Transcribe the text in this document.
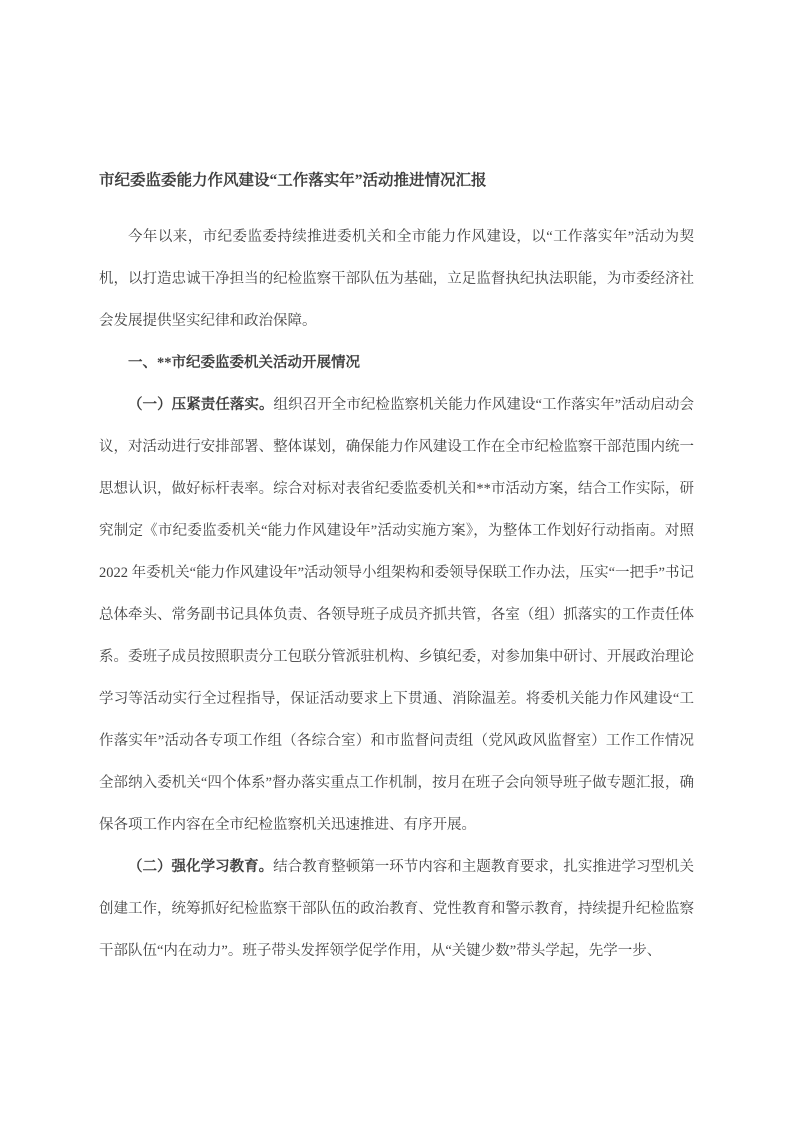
市纪委监委能力作风建设“工作落实年”活动推进情况汇报

今年以来，市纪委监委持续推进委机关和全市能力作风建设，以“工作落实年”活动为契机，以打造忠诚干净担当的纪检监察干部队伍为基础，立足监督执纪执法职能，为市委经济社会发展提供坚实纪律和政治保障。

一、**市纪委监委机关活动开展情况

（一）压紧责任落实。组织召开全市纪检监察机关能力作风建设“工作落实年”活动启动会议，对活动进行安排部署、整体谋划，确保能力作风建设工作在全市纪检监察干部范围内统一思想认识，做好标杆表率。综合对标对表省纪委监委机关和**市活动方案，结合工作实际，研究制定《市纪委监委机关“能力作风建设年”活动实施方案》，为整体工作划好行动指南。对照 2022 年委机关“能力作风建设年”活动领导小组架构和委领导保联工作办法，压实“一把手”书记总体牵头、常务副书记具体负责、各领导班子成员齐抓共管，各室（组）抓落实的工作责任体系。委班子成员按照职责分工包联分管派驻机构、乡镇纪委，对参加集中研讨、开展政治理论学习等活动实行全过程指导，保证活动要求上下贯通、消除温差。将委机关能力作风建设“工作落实年”活动各专项工作组（各综合室）和市监督问责组（党风政风监督室）工作工作情况全部纳入委机关“四个体系”督办落实重点工作机制，按月在班子会向领导班子做专题汇报，确保各项工作内容在全市纪检监察机关迅速推进、有序开展。

（二）强化学习教育。结合教育整顿第一环节内容和主题教育要求，扎实推进学习型机关创建工作，统筹抓好纪检监察干部队伍的政治教育、党性教育和警示教育，持续提升纪检监察干部队伍“内在动力”。班子带头发挥领学促学作用，从“关键少数”带头学起，先学一步、
